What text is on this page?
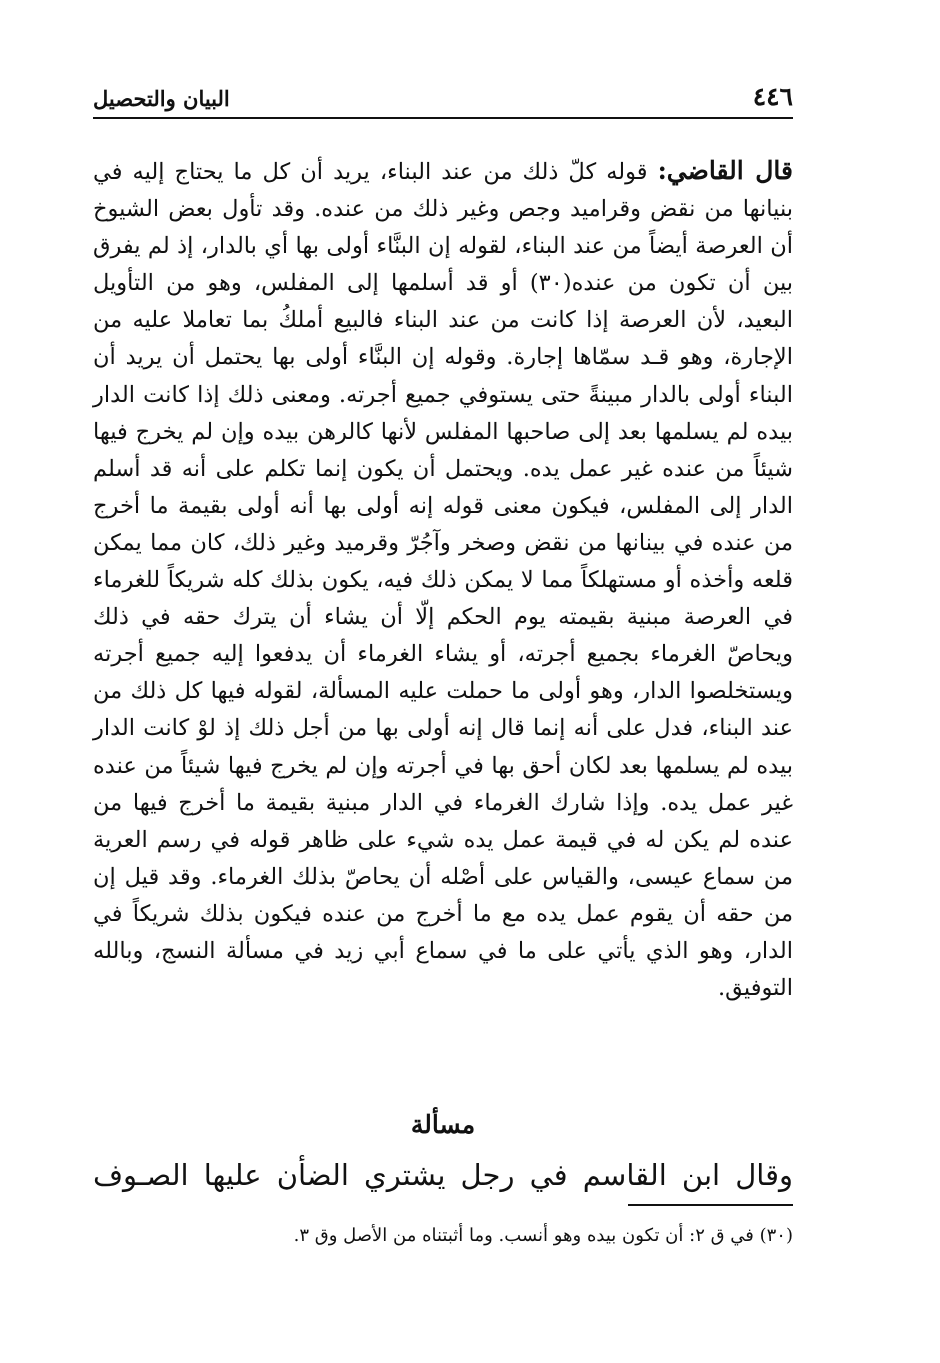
٤٤٦
البيان والتحصيل

قال القاضي: قوله كلّ ذلك من عند البناء، يريد أن كل ما يحتاج إليه في بنيانها من نقض وقراميد وجص وغير ذلك من عنده. وقد تأول بعض الشيوخ أن العرصة أيضاً من عند البناء، لقوله إن البنَّاء أولى بها أي بالدار، إذ لم يفرق بين أن تكون من عنده(٣٠) أو قد أسلمها إلى المفلس، وهو من التأويل البعيد، لأن العرصة إذا كانت من عند البناء فالبيع أملكُ بما تعاملا عليه من الإجارة، وهو قـد سمّاها إجارة. وقوله إن البنَّاء أولى بها يحتمل أن يريد أن البناء أولى بالدار مبينةً حتى يستوفي جميع أجرته. ومعنى ذلك إذا كانت الدار بيده لم يسلمها بعد إلى صاحبها المفلس لأنها كالرهن بيده وإن لم يخرج فيها شيئاً من عنده غير عمل يده. ويحتمل أن يكون إنما تكلم على أنه قد أسلم الدار إلى المفلس، فيكون معنى قوله إنه أولى بها أنه أولى بقيمة ما أخرج من عنده في بينانها من نقض وصخر وآجُرّ وقرميد وغير ذلك، كان مما يمكن قلعه وأخذه أو مستهلكاً مما لا يمكن ذلك فيه، يكون بذلك كله شريكاً للغرماء في العرصة مبنية بقيمته يوم الحكم إلّا أن يشاء أن يترك حقه في ذلك ويحاصّ الغرماء بجميع أجرته، أو يشاء الغرماء أن يدفعوا إليه جميع أجرته ويستخلصوا الدار، وهو أولى ما حملت عليه المسألة، لقوله فيها كل ذلك من عند البناء، فدل على أنه إنما قال إنه أولى بها من أجل ذلك إذ لوْ كانت الدار بيده لم يسلمها بعد لكان أحق بها في أجرته وإن لم يخرج فيها شيئاً من عنده غير عمل يده. وإذا شارك الغرماء في الدار مبنية بقيمة ما أخرج فيها من عنده لم يكن له في قيمة عمل يده شيء على ظاهر قوله في رسم العرية من سماع عيسى، والقياس على أصْله أن يحاصّ بذلك الغرماء. وقد قيل إن من حقه أن يقوم عمل يده مع ما أخرج من عنده فيكون بذلك شريكاً في الدار، وهو الذي يأتي على ما في سماع أبي زيد في مسألة النسج، وبالله التوفيق.

مسألة
وقال ابن القاسم في رجل يشتري الضأن عليها الصـوف
(٣٠) في ق ٢: أن تكون بيده وهو أنسب. وما أثبتناه من الأصل وق ٣.
